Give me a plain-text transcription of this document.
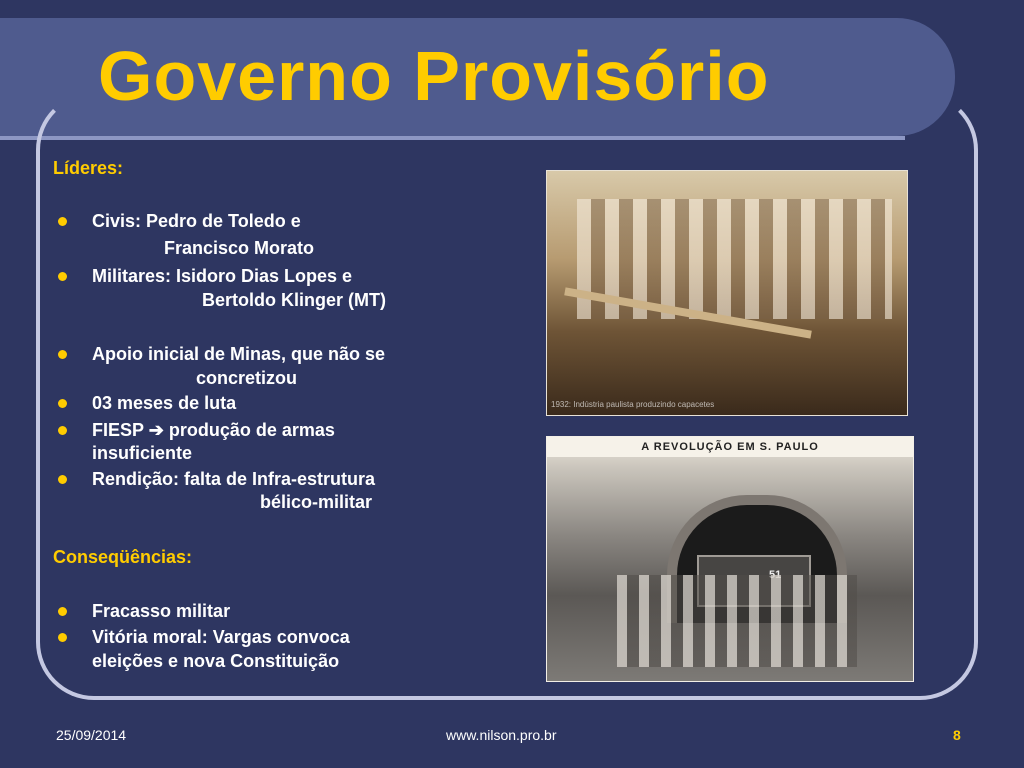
Governo Provisório
Líderes:
Civis: Pedro de Toledo e
Francisco Morato
Militares: Isidoro Dias Lopes e
Bertoldo Klinger (MT)
Apoio inicial de Minas, que não se
concretizou
03 meses de luta
FIESP ➔ produção de armas
insuficiente
Rendição: falta de Infra-estrutura
bélico-militar
Conseqüências:
Fracasso militar
Vitória moral: Vargas convoca
eleições e nova Constituição
1932: Indústria paulista produzindo capacetes
A REVOLUÇÃO EM S. PAULO
25/09/2014	www.nilson.pro.br	8
